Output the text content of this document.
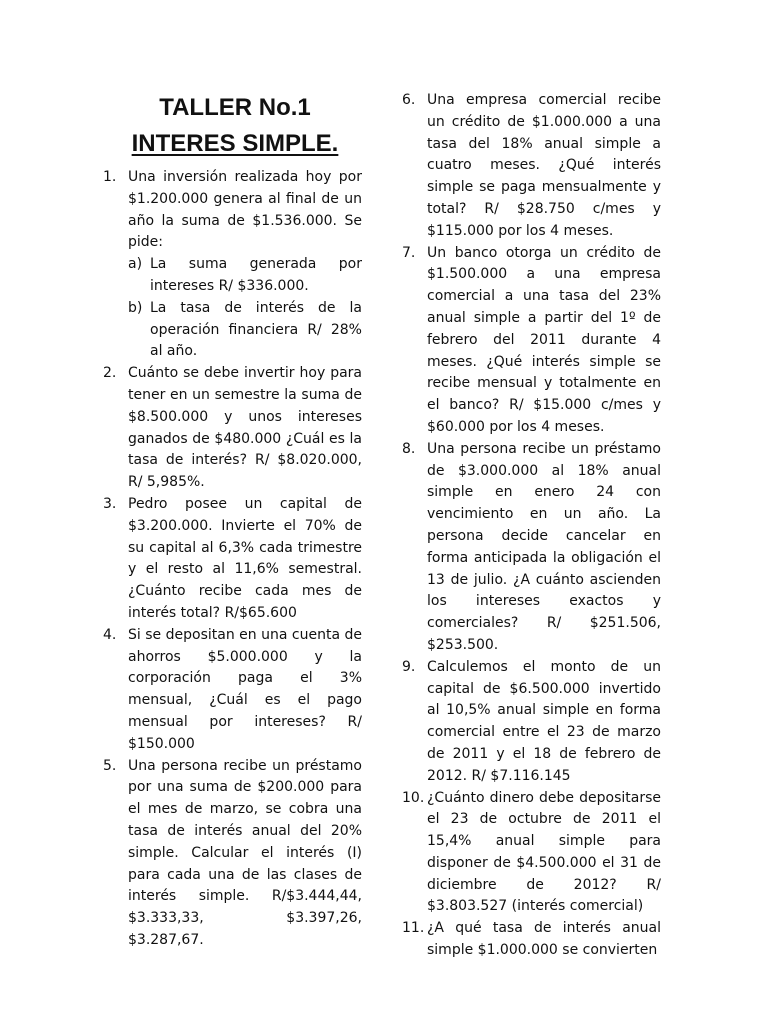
TALLER No.1
INTERES SIMPLE.
1. Una inversión realizada hoy por $1.200.000 genera al final de un año la suma de $1.536.000. Se pide:
a) La suma generada por intereses R/ $336.000.
b) La tasa de interés de la operación financiera R/ 28% al año.
2. Cuánto se debe invertir hoy para tener en un semestre la suma de $8.500.000 y unos intereses ganados de $480.000 ¿Cuál es la tasa de interés? R/ $8.020.000, R/ 5,985%.
3. Pedro posee un capital de $3.200.000. Invierte el 70% de su capital al 6,3% cada trimestre y el resto al 11,6% semestral. ¿Cuánto recibe cada mes de interés total? R/$65.600
4. Si se depositan en una cuenta de ahorros $5.000.000 y la corporación paga el 3% mensual, ¿Cuál es el pago mensual por intereses? R/ $150.000
5. Una persona recibe un préstamo por una suma de $200.000 para el mes de marzo, se cobra una tasa de interés anual del 20% simple. Calcular el interés (I) para cada una de las clases de interés simple. R/$3.444,44, $3.333,33, $3.397,26, $3.287,67.
6. Una empresa comercial recibe un crédito de $1.000.000 a una tasa del 18% anual simple a cuatro meses. ¿Qué interés simple se paga mensualmente y total? R/ $28.750 c/mes y $115.000 por los 4 meses.
7. Un banco otorga un crédito de $1.500.000 a una empresa comercial a una tasa del 23% anual simple a partir del 1º de febrero del 2011 durante 4 meses. ¿Qué interés simple se recibe mensual y totalmente en el banco? R/ $15.000 c/mes y $60.000 por los 4 meses.
8. Una persona recibe un préstamo de $3.000.000 al 18% anual simple en enero 24 con vencimiento en un año. La persona decide cancelar en forma anticipada la obligación el 13 de julio. ¿A cuánto ascienden los intereses exactos y comerciales? R/ $251.506, $253.500.
9. Calculemos el monto de un capital de $6.500.000 invertido al 10,5% anual simple en forma comercial entre el 23 de marzo de 2011 y el 18 de febrero de 2012. R/ $7.116.145
10. ¿Cuánto dinero debe depositarse el 23 de octubre de 2011 el 15,4% anual simple para disponer de $4.500.000 el 31 de diciembre de 2012? R/ $3.803.527 (interés comercial)
11. ¿A qué tasa de interés anual simple $1.000.000 se convierten
